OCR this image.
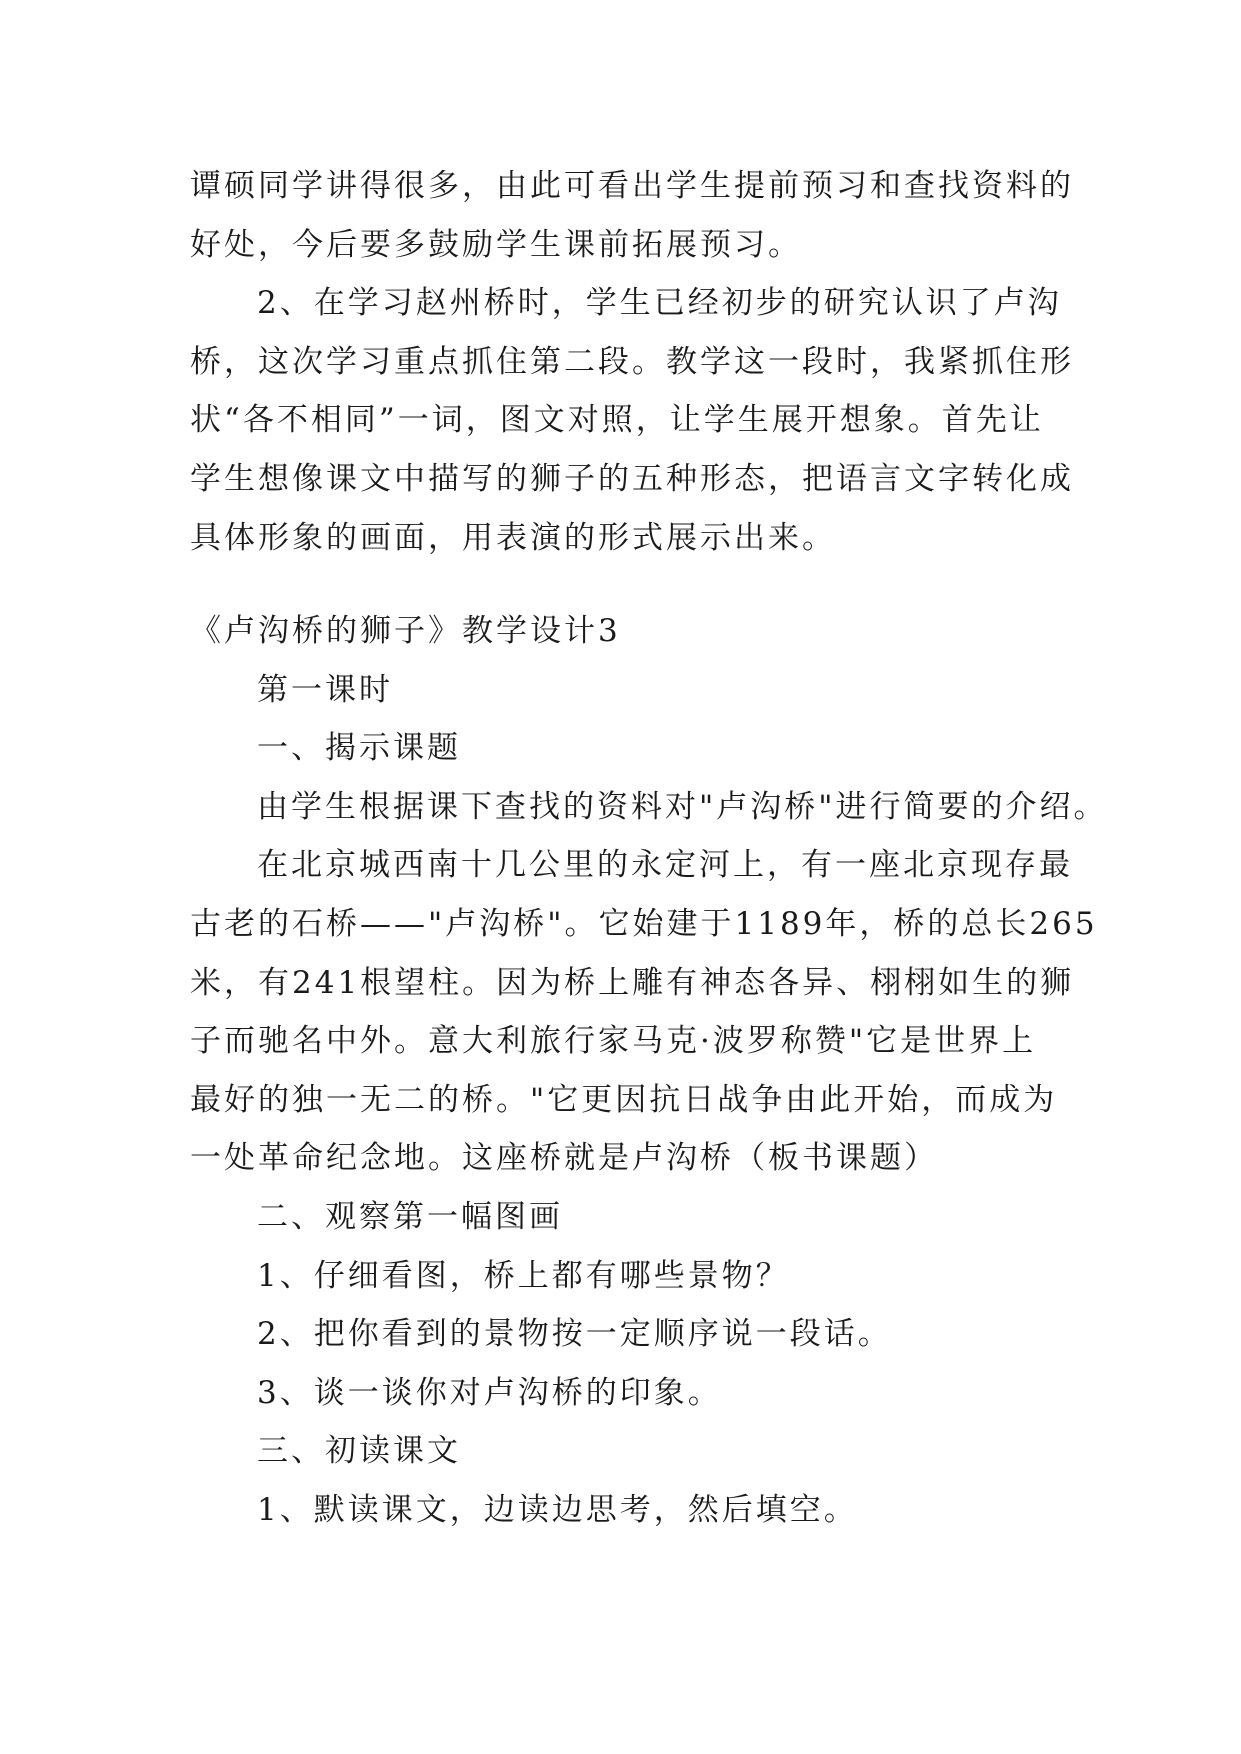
谭硕同学讲得很多，由此可看出学生提前预习和查找资料的
好处，今后要多鼓励学生课前拓展预习。
2、在学习赵州桥时，学生已经初步的研究认识了卢沟
桥，这次学习重点抓住第二段。教学这一段时，我紧抓住形
状“各不相同”一词，图文对照，让学生展开想象。首先让
学生想像课文中描写的狮子的五种形态，把语言文字转化成
具体形象的画面，用表演的形式展示出来。
《卢沟桥的狮子》教学设计3
第一课时
一、揭示课题
由学生根据课下查找的资料对"卢沟桥"进行简要的介绍。
在北京城西南十几公里的永定河上，有一座北京现存最
古老的石桥——"卢沟桥"。它始建于1189年，桥的总长265
米，有241根望柱。因为桥上雕有神态各异、栩栩如生的狮
子而驰名中外。意大利旅行家马克·波罗称赞"它是世界上
最好的独一无二的桥。"它更因抗日战争由此开始，而成为
一处革命纪念地。这座桥就是卢沟桥（板书课题）
二、观察第一幅图画
1、仔细看图，桥上都有哪些景物？
2、把你看到的景物按一定顺序说一段话。
3、谈一谈你对卢沟桥的印象。
三、初读课文
1、默读课文，边读边思考，然后填空。
